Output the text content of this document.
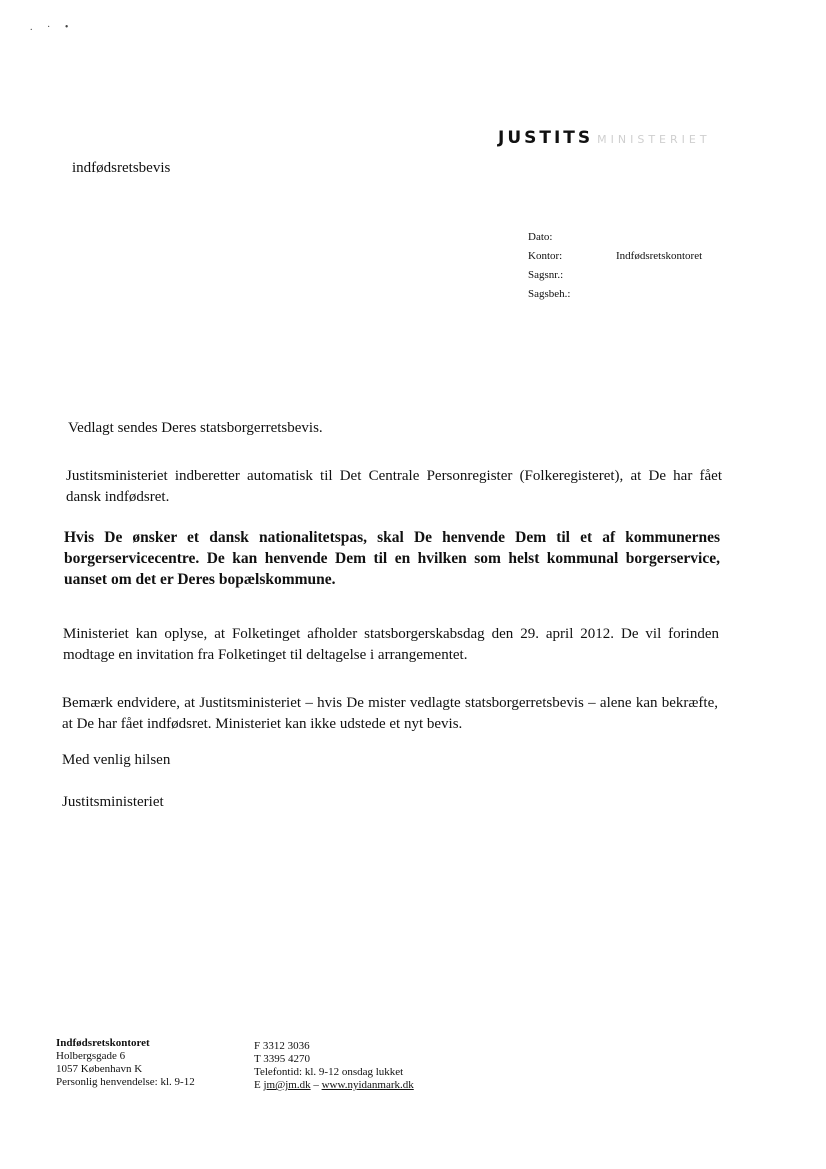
. · •
JUSTITS MINISTERIET
indfødsretsbevis
Dato:
Kontor:	Indfødsretskontoret
Sagsnr.:
Sagsbeh.:
Vedlagt sendes Deres statsborgerretsbevis.
Justitsministeriet indberetter automatisk til Det Centrale Personregister (Folkeregisteret), at De har fået dansk indfødsret.
Hvis De ønsker et dansk nationalitetspas, skal De henvende Dem til et af kommunernes borgerservicecentre. De kan henvende Dem til en hvilken som helst kommunal borgerservice, uanset om det er Deres bopælskommune.
Ministeriet kan oplyse, at Folketinget afholder statsborgerskabsdag den 29. april 2012. De vil forinden modtage en invitation fra Folketinget til deltagelse i arrangementet.
Bemærk endvidere, at Justitsministeriet – hvis De mister vedlagte statsborgerretsbevis – alene kan bekræfte, at De har fået indfødsret. Ministeriet kan ikke udstede et nyt bevis.
Med venlig hilsen
Justitsministeriet
Indfødsretskontoret
Holbergsgade 6
1057 København K
Personlig henvendelse: kl. 9-12
F 3312 3036
T 3395 4270
Telefontid: kl. 9-12 onsdag lukket
E jm@jm.dk – www.nyidanmark.dk
